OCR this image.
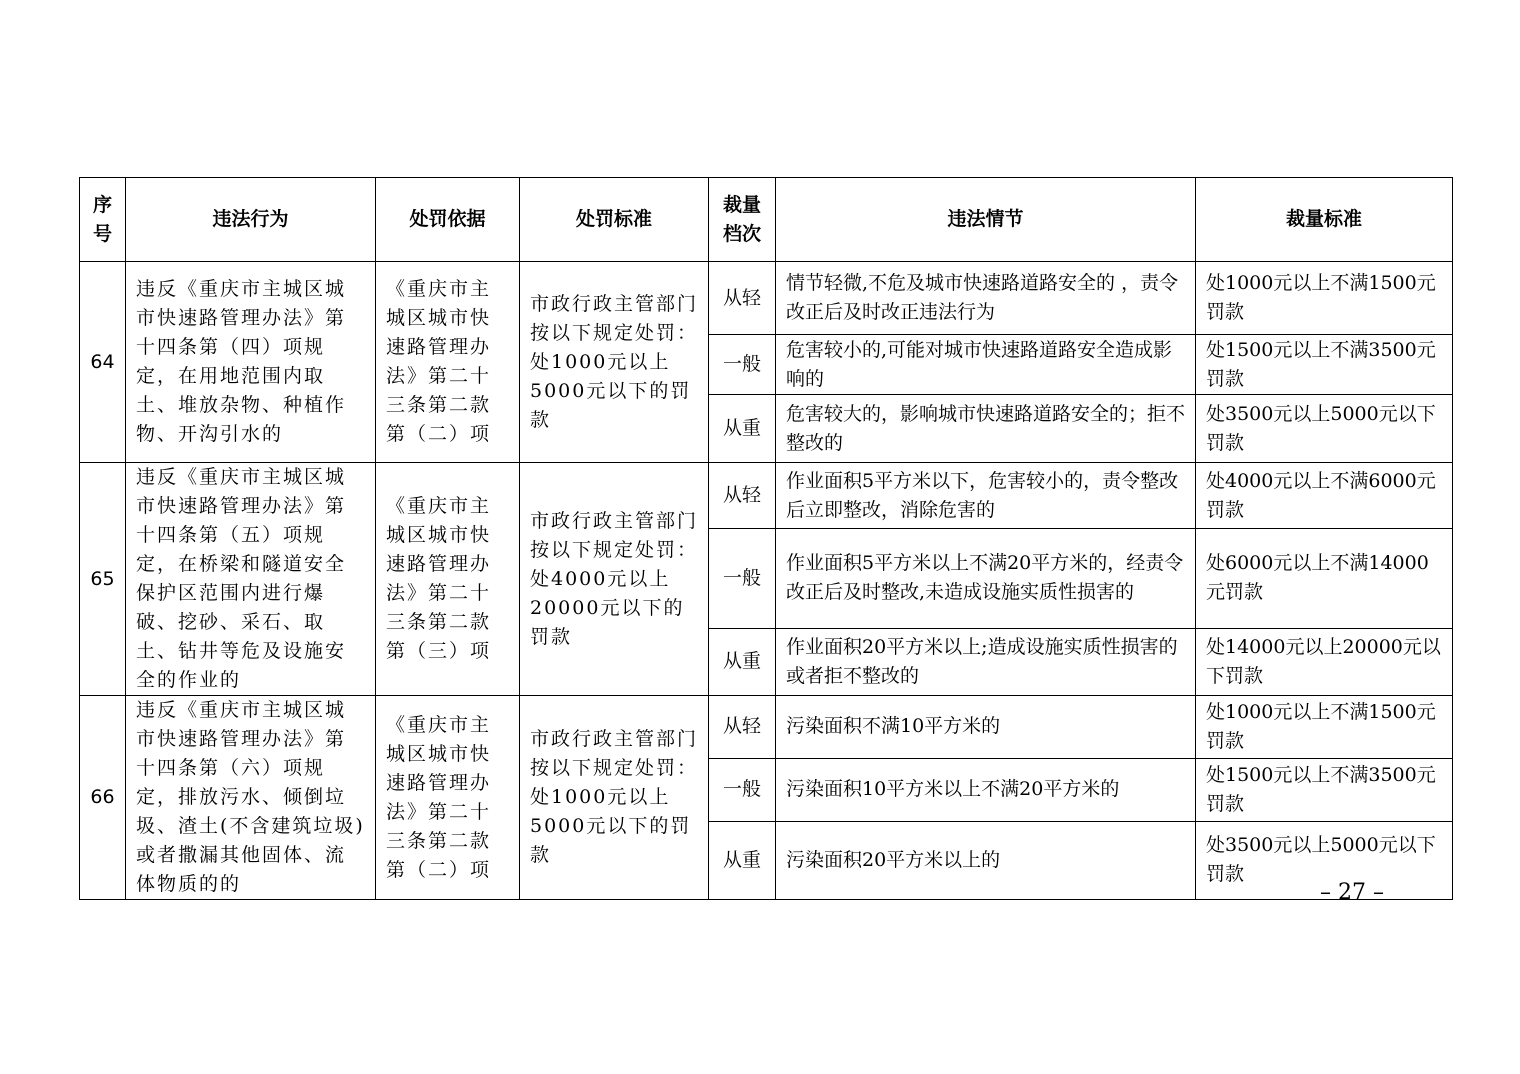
序号	违法行为	处罚依据	处罚标准	裁量档次	违法情节	裁量标准
64	违反《重庆市主城区城市快速路管理办法》第十四条第（四）项规定，在用地范围内取土、堆放杂物、种植作物、开沟引水的	《重庆市主城区城市快速路管理办法》第二十三条第二款第（二）项	市政行政主管部门按以下规定处罚：处1000元以上5000元以下的罚款	从轻	情节轻微,不危及城市快速路道路安全的 ，责令改正后及时改正违法行为	处1000元以上不满1500元罚款
				一般	危害较小的,可能对城市快速路道路安全造成影响的	处1500元以上不满3500元罚款
				从重	危害较大的，影响城市快速路道路安全的；拒不整改的	处3500元以上5000元以下罚款
65	违反《重庆市主城区城市快速路管理办法》第十四条第（五）项规定，在桥梁和隧道安全保护区范围内进行爆破、挖砂、采石、取土、钻井等危及设施安全的作业的	《重庆市主城区城市快速路管理办法》第二十三条第二款第（三）项	市政行政主管部门按以下规定处罚：处4000元以上20000元以下的罚款	从轻	作业面积5平方米以下，危害较小的，责令整改后立即整改，消除危害的	处4000元以上不满6000元罚款
				一般	作业面积5平方米以上不满20平方米的，经责令改正后及时整改,未造成设施实质性损害的	处6000元以上不满14000元罚款
				从重	作业面积20平方米以上;造成设施实质性损害的或者拒不整改的	处14000元以上20000元以下罚款
66	违反《重庆市主城区城市快速路管理办法》第十四条第（六）项规定，排放污水、倾倒垃圾、渣土(不含建筑垃圾)或者撒漏其他固体、流体物质的的	《重庆市主城区城市快速路管理办法》第二十三条第二款第（二）项	市政行政主管部门按以下规定处罚：处1000元以上5000元以下的罚款	从轻	污染面积不满10平方米的	处1000元以上不满1500元罚款
				一般	污染面积10平方米以上不满20平方米的	处1500元以上不满3500元罚款
				从重	污染面积20平方米以上的	处3500元以上5000元以下罚款
– 27 –
